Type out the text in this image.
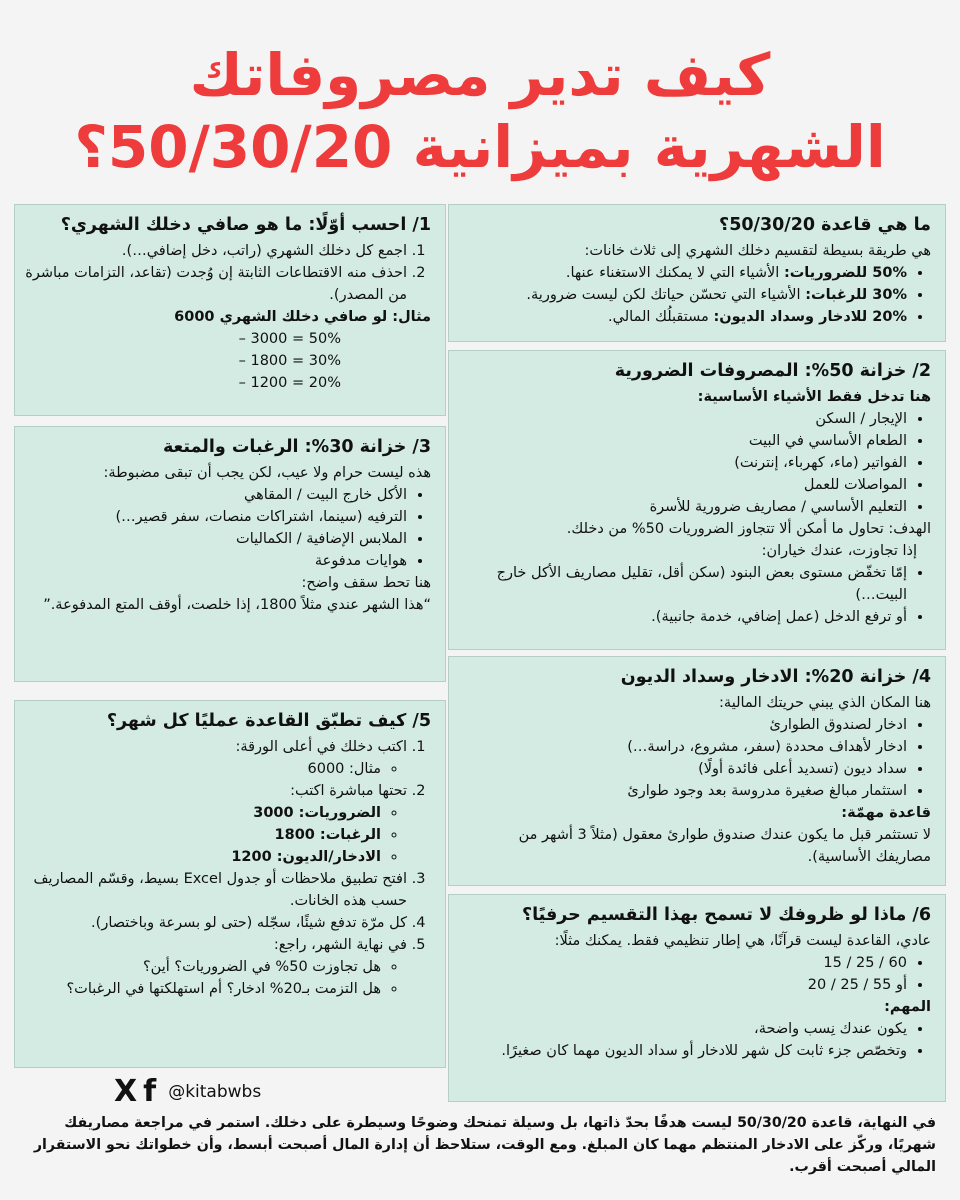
كيف تدير مصروفاتك
الشهرية بميزانية 50/30/20؟
ما هي قاعدة 50/30/20؟

هي طريقة بسيطة لتقسيم دخلك الشهري إلى ثلاث خانات:

• 50% للضروريات: الأشياء التي لا يمكنك الاستغناء عنها.
• 30% للرغبات: الأشياء التي تحسّن حياتك لكن ليست ضرورية.
• 20% للادخار وسداد الديون: مستقبلُك المالي.
1/ احسب أوّلًا: ما هو صافي دخلك الشهري؟
1. اجمع كل دخلك الشهري (راتب، دخل إضافي…).
2. احذف منه الاقتطاعات الثابتة إن وُجدت (تقاعد، التزامات مباشرة من المصدر).

مثال: لو صافي دخلك الشهري 6000

50% = 3000 –
30% = 1800 –
20% = 1200 –
2/ خزانة 50%: المصروفات الضرورية

هنا تدخل فقط الأشياء الأساسية:

• الإيجار / السكن
• الطعام الأساسي في البيت
• الفواتير (ماء، كهرباء، إنترنت)
• المواصلات للعمل
• التعليم الأساسي / مصاريف ضرورية للأسرة

الهدف: تحاول ما أمكن ألا تتجاوز الضروريات 50% من دخلك.

إذا تجاوزت، عندك خياران:

• إمّا تخفّض مستوى بعض البنود (سكن أقل، تقليل مصاريف الأكل خارج البيت…)
• أو ترفع الدخل (عمل إضافي، خدمة جانبية).
3/ خزانة 30%: الرغبات والمتعة

هذه ليست حرام ولا عيب، لكن يجب أن تبقى مضبوطة:

• الأكل خارج البيت / المقاهي
• الترفيه (سينما، اشتراكات منصات، سفر قصير…)
• الملابس الإضافية / الكماليات
• هوايات مدفوعة

هنا تحط سقف واضح:

“هذا الشهر عندي مثلاً 1800، إذا خلصت، أوقف المتع المدفوعة.”

4/ خزانة 20%: الادخار وسداد الديون

هنا المكان الذي يبني حريتك المالية:

• ادخار لصندوق الطوارئ
• ادخار لأهداف محددة (سفر، مشروع، دراسة…)
• سداد ديون (تسديد أعلى فائدة أولًا)
• استثمار مبالغ صغيرة مدروسة بعد وجود طوارئ

قاعدة مهمّة:

لا تستثمر قبل ما يكون عندك صندوق طوارئ معقول (مثلاً 3 أشهر من مصاريفك الأساسية).

5/ كيف تطبّق القاعدة عمليًا كل شهر؟
1. اكتب دخلك في أعلى الورقة:
◦ مثال: 6000
2. تحتها مباشرة اكتب:
◦ الضروريات: 3000
◦ الرغبات: 1800
◦ الادخار/الديون: 1200
3. افتح تطبيق ملاحظات أو جدول Excel بسيط، وقسّم المصاريف حسب هذه الخانات.
4. كل مرّة تدفع شيئًا، سجّله (حتى لو بسرعة وباختصار).
5. في نهاية الشهر، راجع:
◦ هل تجاوزت 50% في الضروريات؟ أين؟
◦ هل التزمت بـ20% ادخار؟ أم استهلكتها في الرغبات؟
6/ ماذا لو ظروفك لا تسمح بهذا التقسيم حرفيًا؟

عادي، القاعدة ليست قرآنًا، هي إطار تنظيمي فقط. يمكنك مثلًا:

• 60 / 25 / 15
• أو 55 / 25 / 20

المهم:

• يكون عندك نِسب واضحة،
• وتخصّص جزء ثابت كل شهر للادخار أو سداد الديون مهما كان صغيرًا.
X f @kitabwbs
في النهاية، قاعدة 50/30/20 ليست هدفًا بحدّ ذاتها، بل وسيلة تمنحك وضوحًا وسيطرة على دخلك. استمر في مراجعة مصاريفك شهريًا، وركّز على الادخار المنتظم مهما كان المبلغ. ومع الوقت، ستلاحظ أن إدارة المال أصبحت أبسط، وأن خطواتك نحو الاستقرار المالي أصبحت أقرب.
